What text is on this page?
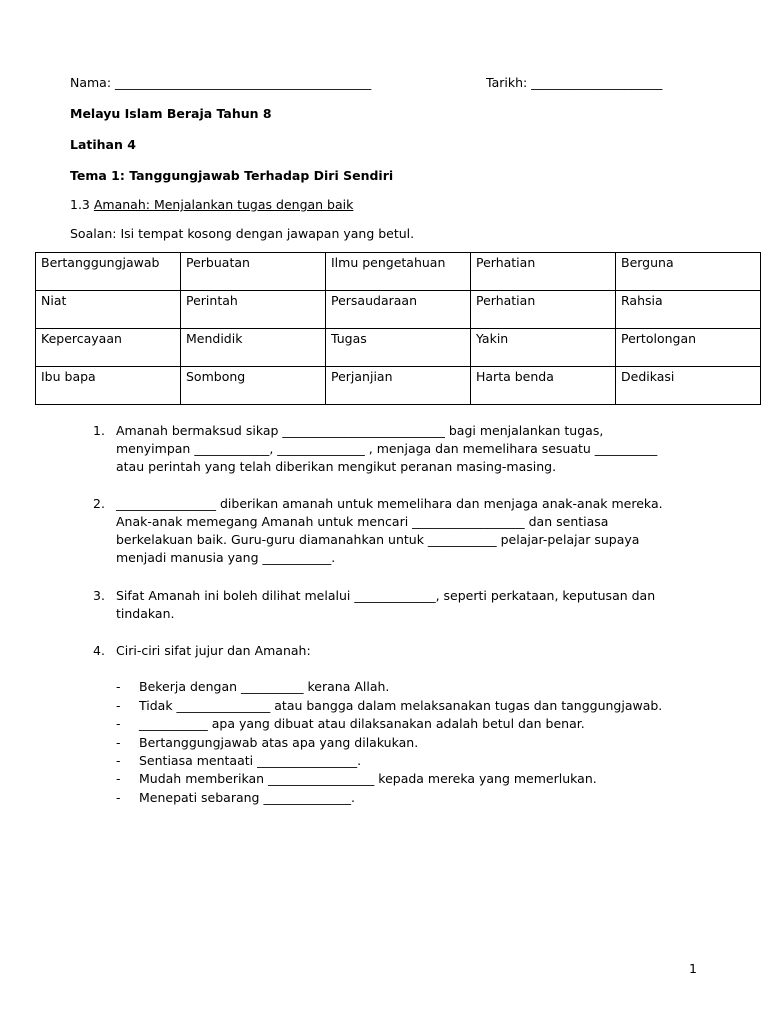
Nama: _________________________________________	Tarikh: _____________________
Melayu Islam Beraja Tahun 8
Latihan 4
Tema 1: Tanggungjawab Terhadap Diri Sendiri
1.3 Amanah: Menjalankan tugas dengan baik
Soalan: Isi tempat kosong dengan jawapan yang betul.
Bertanggungjawab	Perbuatan	Ilmu pengetahuan	Perhatian	Berguna
Niat	Perintah	Persaudaraan	Perhatian	Rahsia
Kepercayaan	Mendidik	Tugas	Yakin	Pertolongan
Ibu bapa	Sombong	Perjanjian	Harta benda	Dedikasi
1. Amanah bermaksud sikap __________________________ bagi menjalankan tugas,
menyimpan ____________, ______________ , menjaga dan memelihara sesuatu __________
atau perintah yang telah diberikan mengikut peranan masing-masing.
2. ________________ diberikan amanah untuk memelihara dan menjaga anak-anak mereka.
Anak-anak memegang Amanah untuk mencari __________________ dan sentiasa
berkelakuan baik. Guru-guru diamanahkan untuk ___________ pelajar-pelajar supaya
menjadi manusia yang ___________.
3. Sifat Amanah ini boleh dilihat melalui _____________, seperti perkataan, keputusan dan
tindakan.
4. Ciri-ciri sifat jujur dan Amanah:
- Bekerja dengan __________ kerana Allah.
- Tidak _______________ atau bangga dalam melaksanakan tugas dan tanggungjawab.
- ___________ apa yang dibuat atau dilaksanakan adalah betul dan benar.
- Bertanggungjawab atas apa yang dilakukan.
- Sentiasa mentaati ________________.
- Mudah memberikan _________________ kepada mereka yang memerlukan.
- Menepati sebarang ______________.
1
